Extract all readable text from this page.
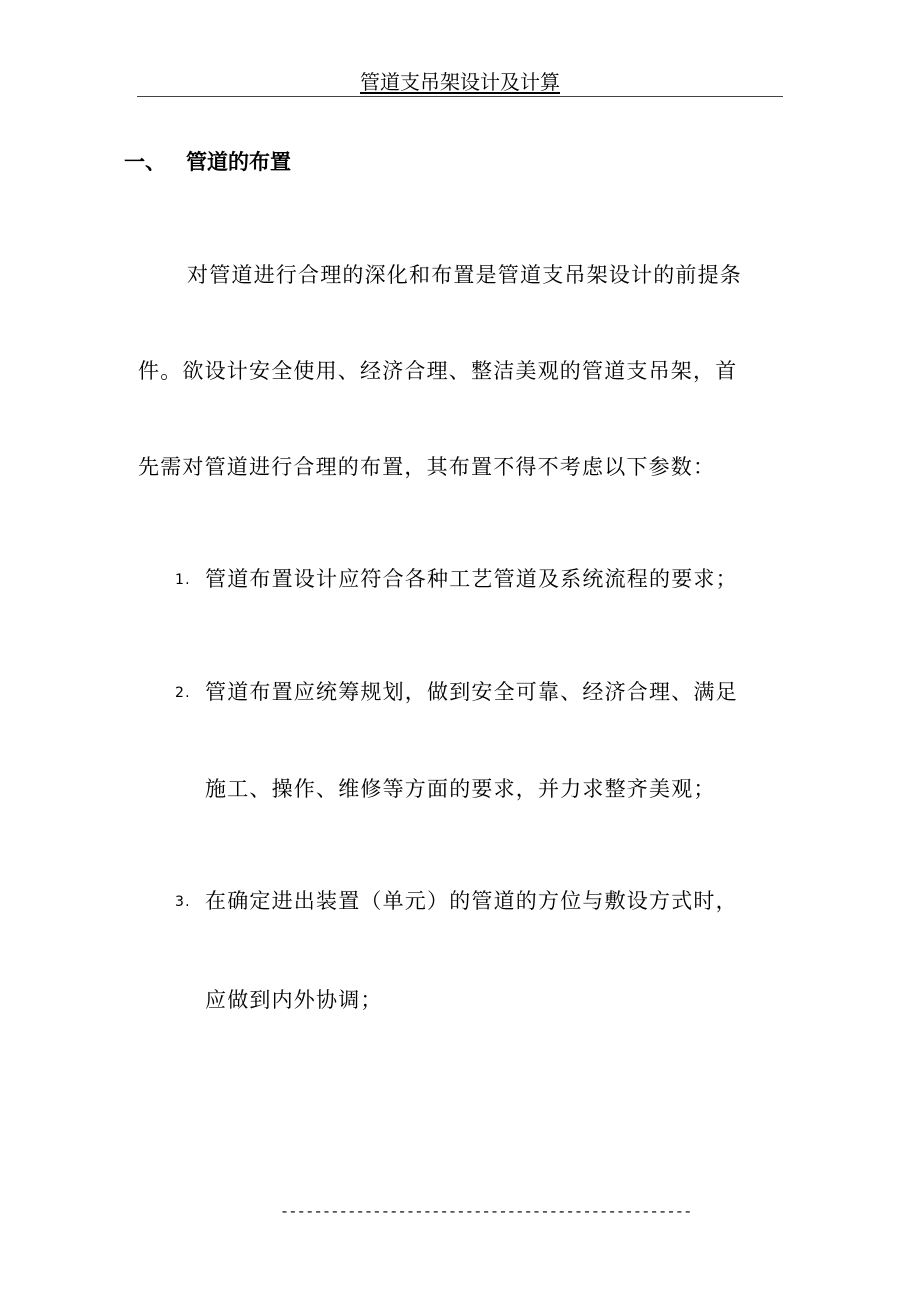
管道支吊架设计及计算
一、 管道的布置
对管道进行合理的深化和布置是管道支吊架设计的前提条
件。欲设计安全使用、经济合理、整洁美观的管道支吊架，首
先需对管道进行合理的布置，其布置不得不考虑以下参数：
1. 管道布置设计应符合各种工艺管道及系统流程的要求；
2. 管道布置应统筹规划，做到安全可靠、经济合理、满足
施工、操作、维修等方面的要求，并力求整齐美观；
3. 在确定进出装置（单元）的管道的方位与敷设方式时，
应做到内外协调；
-------------------------------------------------
